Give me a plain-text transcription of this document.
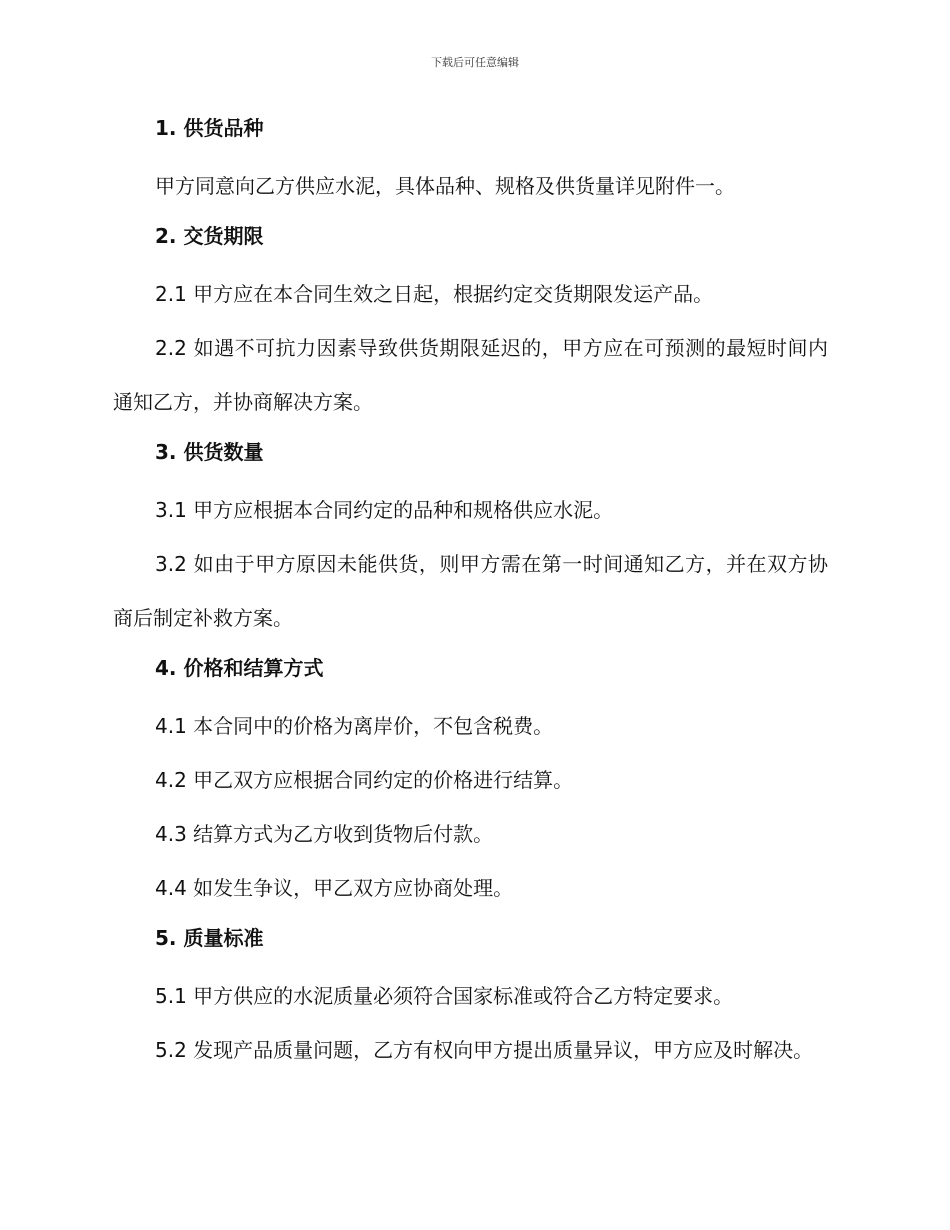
下载后可任意编辑
1. 供货品种

甲方同意向乙方供应水泥，具体品种、规格及供货量详见附件一。

2. 交货期限

2.1 甲方应在本合同生效之日起，根据约定交货期限发运产品。

2.2 如遇不可抗力因素导致供货期限延迟的，甲方应在可预测的最短时间内通知乙方，并协商解决方案。

3. 供货数量

3.1 甲方应根据本合同约定的品种和规格供应水泥。

3.2 如由于甲方原因未能供货，则甲方需在第一时间通知乙方，并在双方协商后制定补救方案。

4. 价格和结算方式

4.1 本合同中的价格为离岸价，不包含税费。

4.2 甲乙双方应根据合同约定的价格进行结算。

4.3 结算方式为乙方收到货物后付款。

4.4 如发生争议，甲乙双方应协商处理。

5. 质量标准

5.1 甲方供应的水泥质量必须符合国家标准或符合乙方特定要求。

5.2 发现产品质量问题，乙方有权向甲方提出质量异议，甲方应及时解决。
